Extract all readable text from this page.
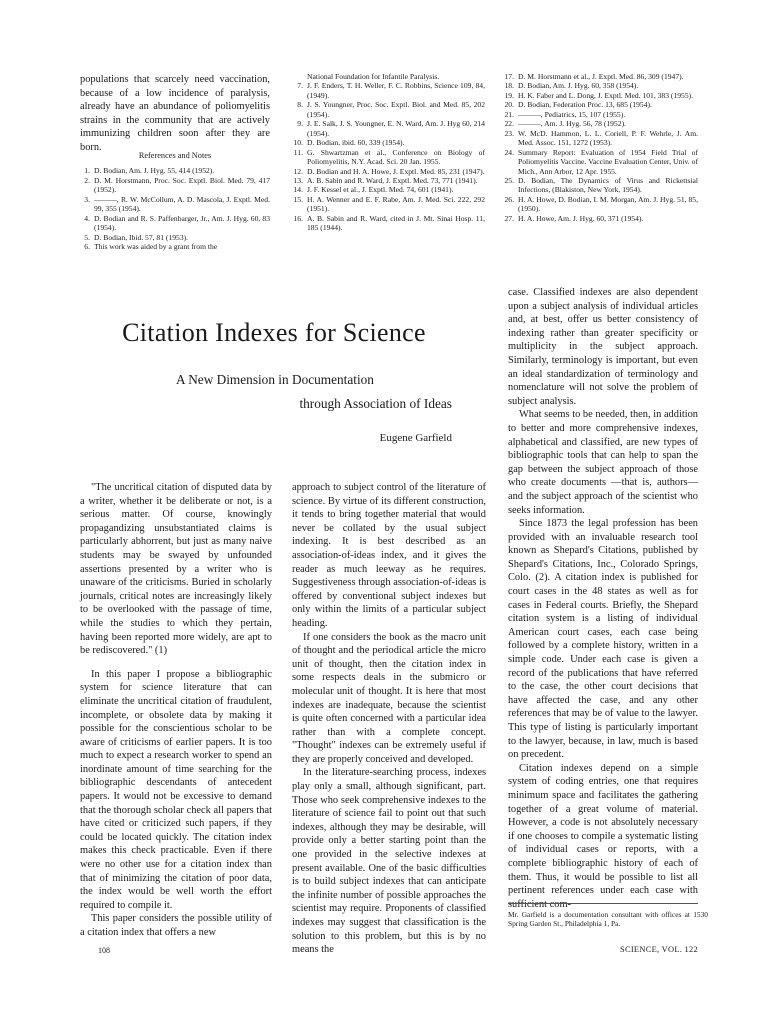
populations that scarcely need vaccination, because of a low incidence of paralysis, already have an abundance of poliomyelitis strains in the community that are actively immunizing children soon after they are born.

References and Notes
1. D. Bodian, Am. J. Hyg. 55, 414 (1952).
2. D. M. Horstmann, Proc. Soc. Exptl. Biol. Med. 79, 417 (1952).
3. ———, R. W. McCollum, A. D. Mascola, J. Exptl. Med. 99, 355 (1954).
4. D. Bodian and R. S. Paffenbarger, Jr., Am. J. Hyg. 60, 83 (1954).
5. D. Bodian, Ibid. 57, 81 (1953).
6. This work was aided by a grant from the
National Foundation for Infantile Paralysis.
7. J. F. Enders, T. H. Weller, F. C. Robbins, Science 109, 84, (1949).
8. J. S. Youngner, Proc. Soc. Exptl. Biol. and Med. 85, 202 (1954).
9. J. E. Salk, J. S. Youngner, E. N. Ward, Am. J. Hyg 60, 214 (1954).
10. D. Bodian, ibid. 60, 339 (1954).
11. G. Shwartzman et al., Conference on Biology of Poliomyelitis, N.Y. Acad. Sci. 20 Jan. 1955.
12. D. Bodian and H. A. Howe, J. Exptl. Med. 85, 231 (1947).
13. A. B. Sabin and R. Ward, J. Exptl. Med. 73, 771 (1941).
14. J. F. Kessel et al., J. Exptl. Med. 74, 601 (1941).
15. H. A. Wenner and E. F. Rabe, Am. J. Med. Sci. 222, 292 (1951).
16. A. B. Sabin and R. Ward, cited in J. Mt. Sinai Hosp. 11, 185 (1944).
17. D. M. Horstmann et al., J. Exptl. Med. 86, 309 (1947).
18. D. Bodian, Am. J. Hyg. 60, 358 (1954).
19. H. K. Faber and L. Dong, J. Exptl. Med. 101, 383 (1955).
20. D. Bodian, Federation Proc. 13, 685 (1954).
21. ———, Pediatrics, 15, 107 (1955).
22. ———, Am. J. Hyg. 56, 78 (1952).
23. W. McD. Hammon, L. L. Coriell, P. F. Wehrle, J. Am. Med. Assoc. 151, 1272 (1953).
24. Summary Report: Evaluation of 1954 Field Trial of Poliomyelitis Vaccine. Vaccine Evaluation Center, Univ. of Mich., Ann Arbor, 12 Apr. 1955.
25. D. Bodian, The Dynamics of Virus and Rickettsial Infections, (Blakiston, New York, 1954).
26. H. A. Howe, D. Bodian, I. M. Morgan, Am. J. Hyg. 51, 85, (1950).
27. H. A. Howe, Am. J. Hyg. 60, 371 (1954).
Citation Indexes for Science
A New Dimension in Documentation
through Association of Ideas
Eugene Garfield

"The uncritical citation of disputed data by a writer, whether it be deliberate or not, is a serious matter. Of course, knowingly propagandizing unsubstantiated claims is particularly abhorrent, but just as many naive students may be swayed by unfounded assertions presented by a writer who is unaware of the criticisms. Buried in scholarly journals, critical notes are increasingly likely to be overlooked with the passage of time, while the studies to which they pertain, having been reported more widely, are apt to be rediscovered." (1)

In this paper I propose a bibliographic system for science literature that can eliminate the uncritical citation of fraudulent, incomplete, or obsolete data by making it possible for the conscientious scholar to be aware of criticisms of earlier papers. It is too much to expect a research worker to spend an inordinate amount of time searching for the bibliographic descendants of antecedent papers. It would not be excessive to demand that the thorough scholar check all papers that have cited or criticized such papers, if they could be located quickly. The citation index makes this check practicable. Even if there were no other use for a citation index than that of minimizing the citation of poor data, the index would be well worth the effort required to compile it.

This paper considers the possible utility of a citation index that offers a new

approach to subject control of the literature of science. By virtue of its different construction, it tends to bring together material that would never be collated by the usual subject indexing. It is best described as an association-of-ideas index, and it gives the reader as much leeway as he requires. Suggestiveness through association-of-ideas is offered by conventional subject indexes but only within the limits of a particular subject heading.

If one considers the book as the macro unit of thought and the periodical article the micro unit of thought, then the citation index in some respects deals in the submicro or molecular unit of thought. It is here that most indexes are inadequate, because the scientist is quite often concerned with a particular idea rather than with a complete concept. "Thought" indexes can be extremely useful if they are properly conceived and developed.

In the literature-searching process, indexes play only a small, although significant, part. Those who seek comprehensive indexes to the literature of science fail to point out that such indexes, although they may be desirable, will provide only a better starting point than the one provided in the selective indexes at present available. One of the basic difficulties is to build subject indexes that can anticipate the infinite number of possible approaches the scientist may require. Proponents of classified indexes may suggest that classification is the solution to this problem, but this is by no means the

case. Classified indexes are also dependent upon a subject analysis of individual articles and, at best, offer us better consistency of indexing rather than greater specificity or multiplicity in the subject approach. Similarly, terminology is important, but even an ideal standardization of terminology and nomenclature will not solve the problem of subject analysis.

What seems to be needed, then, in addition to better and more comprehensive indexes, alphabetical and classified, are new types of bibliographic tools that can help to span the gap between the subject approach of those who create documents —that is, authors—and the subject approach of the scientist who seeks information.

Since 1873 the legal profession has been provided with an invaluable research tool known as Shepard's Citations, published by Shepard's Citations, Inc., Colorado Springs, Colo. (2). A citation index is published for court cases in the 48 states as well as for cases in Federal courts. Briefly, the Shepard citation system is a listing of individual American court cases, each case being followed by a complete history, written in a simple code. Under each case is given a record of the publications that have referred to the case, the other court decisions that have affected the case, and any other references that may be of value to the lawyer. This type of listing is particularly important to the lawyer, because, in law, much is based on precedent.

Citation indexes depend on a simple system of coding entries, one that requires minimum space and facilitates the gathering together of a great volume of material. However, a code is not absolutely necessary if one chooses to compile a systematic listing of individual cases or reports, with a complete bibliographic history of each of them. Thus, it would be possible to list all pertinent references under each case with sufficient com-

Mr. Garfield is a documentation consultant with offices at 1530 Spring Garden St., Philadelphia 1, Pa.
108	SCIENCE, VOL. 122
